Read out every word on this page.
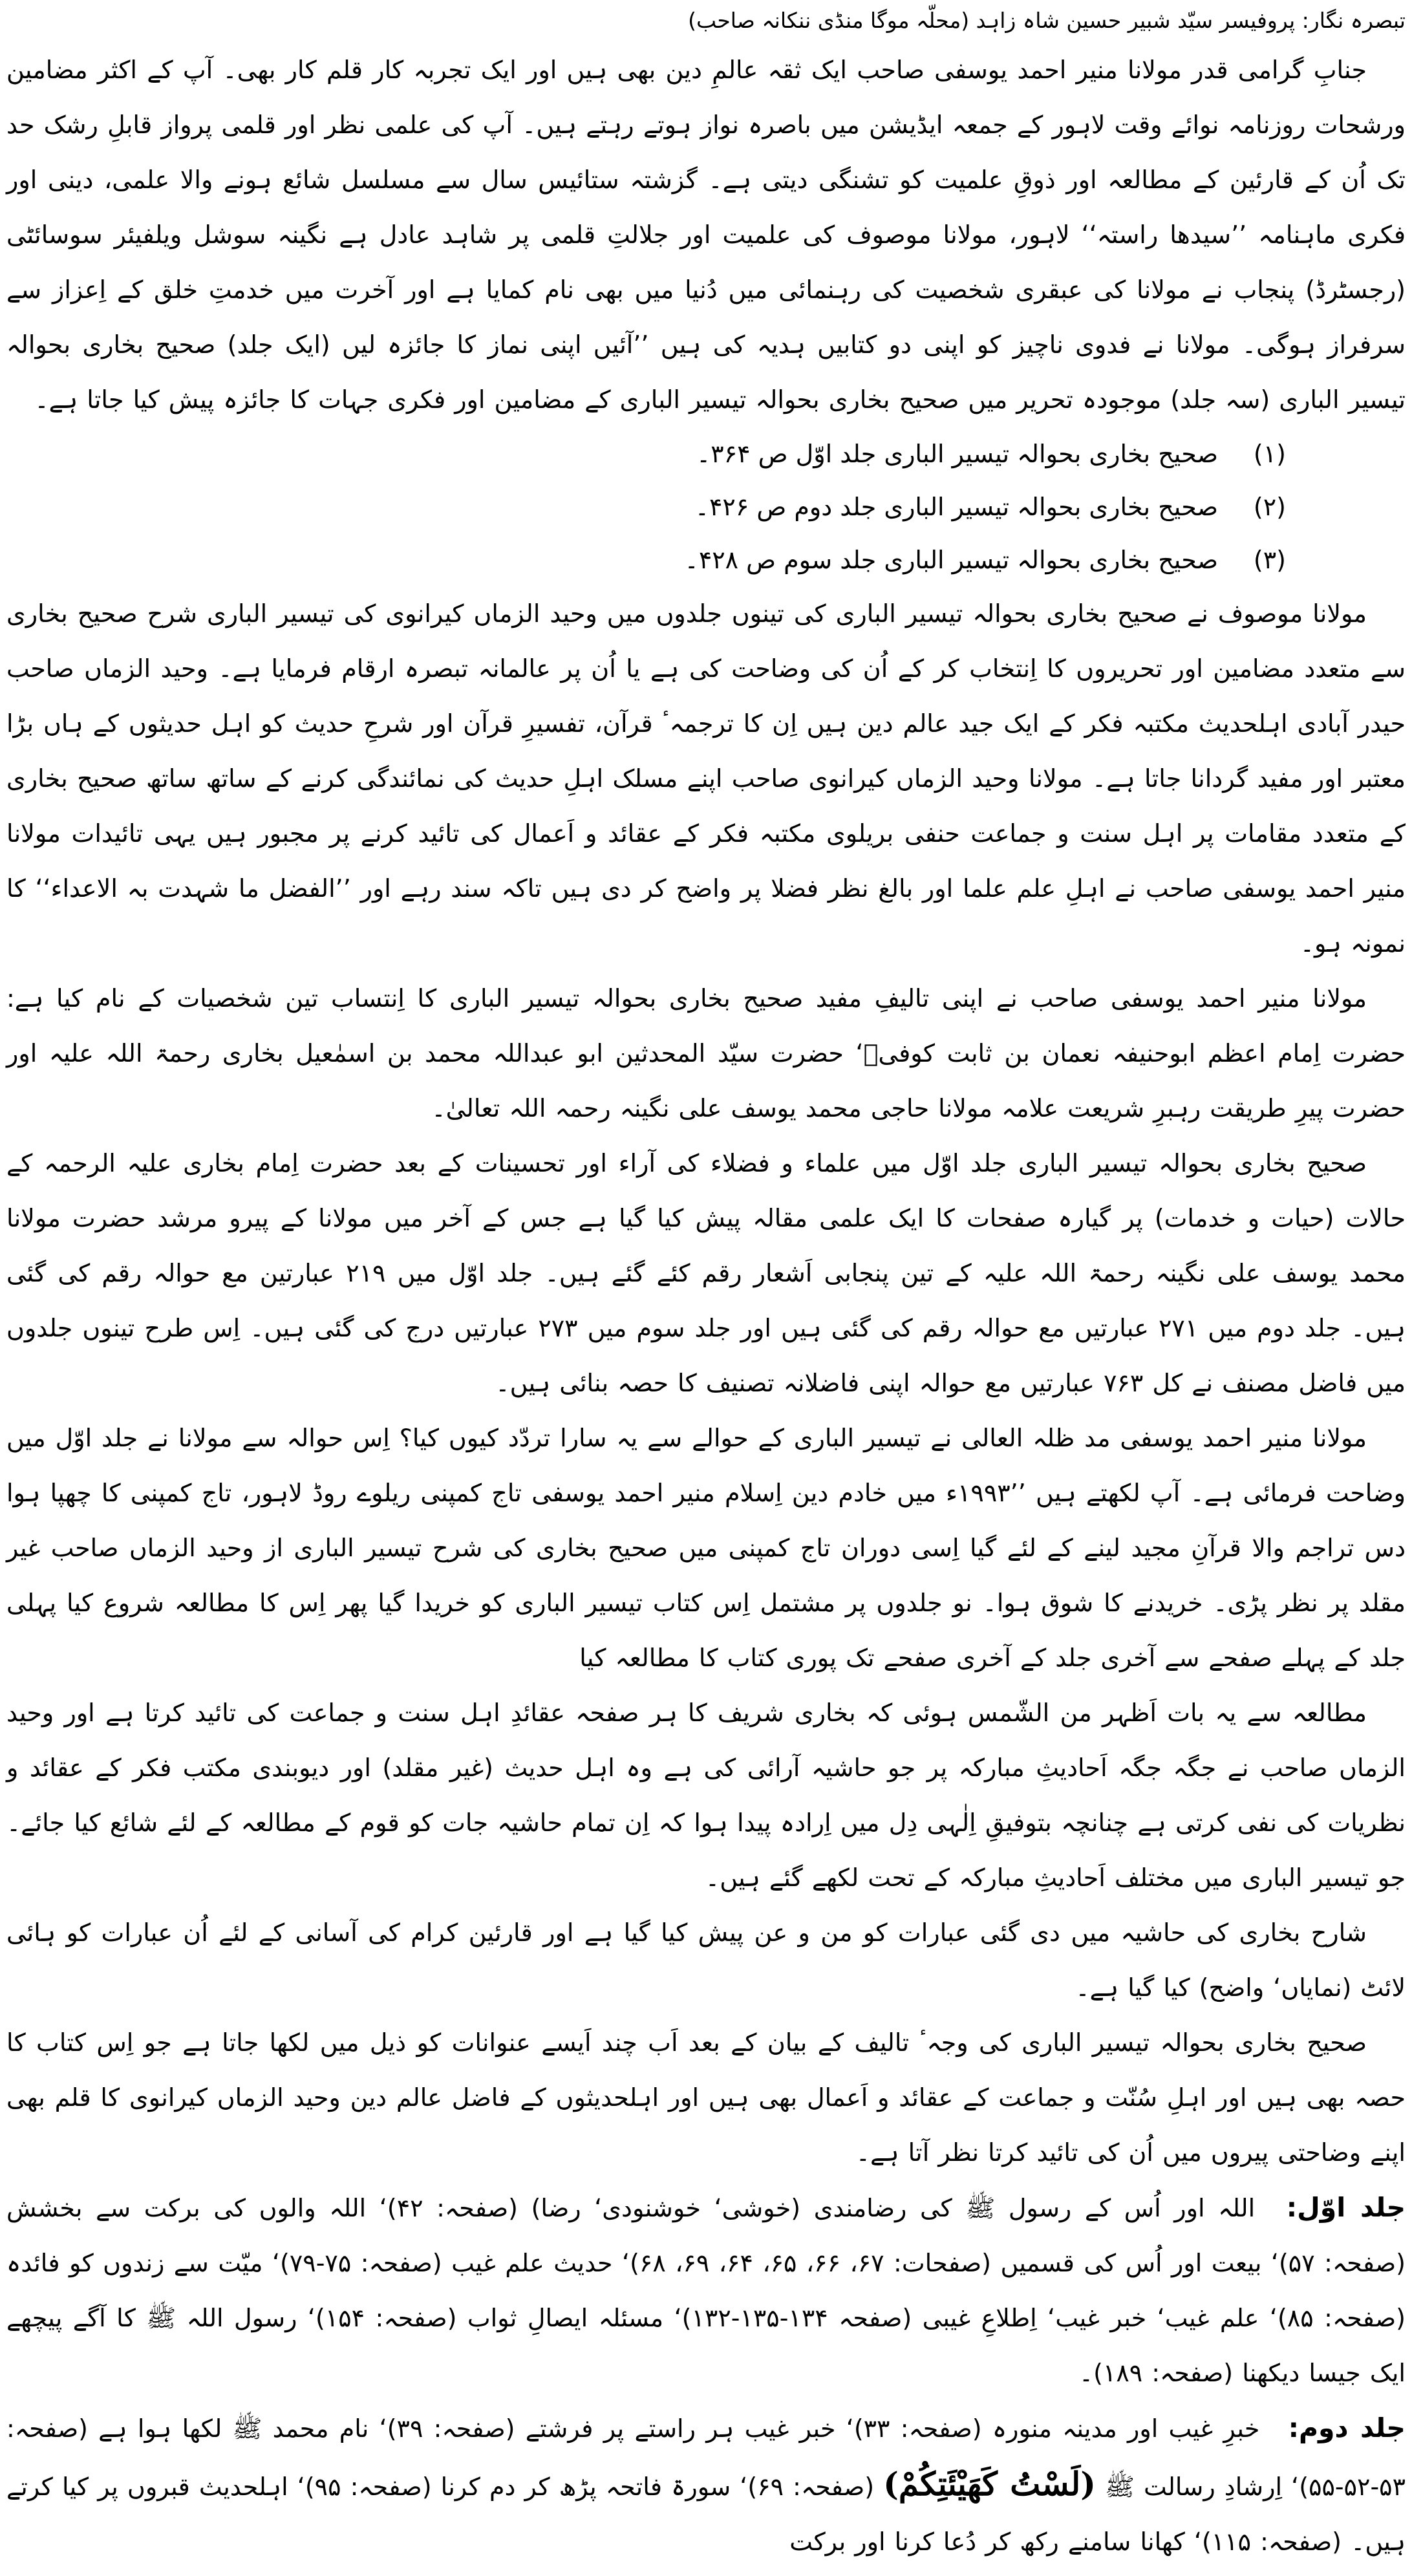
تبصرہ نگار: پروفیسر سیّد شبیر حسین شاہ زاہد (محلّہ موگا منڈی ننکانہ صاحب)

جنابِ گرامی قدر مولانا منیر احمد یوسفی صاحب ایک ثقہ عالمِ دین بھی ہیں اور ایک تجربہ کار قلم کار بھی۔ آپ کے اکثر مضامین ورشحات روزنامہ نوائے وقت لاہور کے جمعہ ایڈیشن میں باصرہ نواز ہوتے رہتے ہیں۔ آپ کی علمی نظر اور قلمی پرواز قابلِ رشک حد تک اُن کے قارئین کے مطالعہ اور ذوقِ علمیت کو تشنگی دیتی ہے۔ گزشتہ ستائیس سال سے مسلسل شائع ہونے والا علمی، دینی اور فکری ماہنامہ ’’سیدھا راستہ‘‘ لاہور، مولانا موصوف کی علمیت اور جلالتِ قلمی پر شاہد عادل ہے نگینہ سوشل ویلفیئر سوسائٹی (رجسٹرڈ) پنجاب نے مولانا کی عبقری شخصیت کی رہنمائی میں دُنیا میں بھی نام کمایا ہے اور آخرت میں خدمتِ خلق کے اِعزاز سے سرفراز ہوگی۔ مولانا نے فدوی ناچیز کو اپنی دو کتابیں ہدیہ کی ہیں ’’آئیں اپنی نماز کا جائزہ لیں (ایک جلد) صحیح بخاری بحوالہ تیسیر الباری (سہ جلد) موجودہ تحریر میں صحیح بخاری بحوالہ تیسیر الباری کے مضامین اور فکری جہات کا جائزہ پیش کیا جاتا ہے۔

(۱)صحیح بخاری بحوالہ تیسیر الباری جلد اوّل ص ۳۶۴۔
(۲)صحیح بخاری بحوالہ تیسیر الباری جلد دوم ص ۴۲۶۔
(۳)صحیح بخاری بحوالہ تیسیر الباری جلد سوم ص ۴۲۸۔

مولانا موصوف نے صحیح بخاری بحوالہ تیسیر الباری کی تینوں جلدوں میں وحید الزماں کیرانوی کی تیسیر الباری شرح صحیح بخاری سے متعدد مضامین اور تحریروں کا اِنتخاب کر کے اُن کی وضاحت کی ہے یا اُن پر عالمانہ تبصرہ ارقام فرمایا ہے۔ وحید الزماں صاحب حیدر آبادی اہلحدیث مکتبہ فکر کے ایک جید عالم دین ہیں اِن کا ترجمہٴ قرآن، تفسیرِ قرآن اور شرحِ حدیث کو اہل حدیثوں کے ہاں بڑا معتبر اور مفید گردانا جاتا ہے۔ مولانا وحید الزماں کیرانوی صاحب اپنے مسلک اہلِ حدیث کی نمائندگی کرنے کے ساتھ ساتھ صحیح بخاری کے متعدد مقامات پر اہل سنت و جماعت حنفی بریلوی مکتبہ فکر کے عقائد و اَعمال کی تائید کرنے پر مجبور ہیں یہی تائیدات مولانا منیر احمد یوسفی صاحب نے اہلِ علم علما اور بالغ نظر فضلا پر واضح کر دی ہیں تاکہ سند رہے اور ’’الفضل ما شہدت بہ الاعداء‘‘ کا نمونہ ہو۔

مولانا منیر احمد یوسفی صاحب نے اپنی تالیفِ مفید صحیح بخاری بحوالہ تیسیر الباری کا اِنتساب تین شخصیات کے نام کیا ہے: حضرت اِمام اعظم ابوحنیفہ نعمان بن ثابت کوفیؓ‘ حضرت سیّد المحدثین ابو عبداللہ محمد بن اسمٰعیل بخاری رحمۃ اللہ علیہ اور حضرت پیرِ طریقت رہبرِ شریعت علامہ مولانا حاجی محمد یوسف علی نگینہ رحمہ اللہ تعالیٰ۔

صحیح بخاری بحوالہ تیسیر الباری جلد اوّل میں علماء و فضلاء کی آراء اور تحسینات کے بعد حضرت اِمام بخاری علیہ الرحمہ کے حالات (حیات و خدمات) پر گیارہ صفحات کا ایک علمی مقالہ پیش کیا گیا ہے جس کے آخر میں مولانا کے پیرو مرشد حضرت مولانا محمد یوسف علی نگینہ رحمۃ اللہ علیہ کے تین پنجابی اَشعار رقم کئے گئے ہیں۔ جلد اوّل میں ۲۱۹ عبارتین مع حوالہ رقم کی گئی ہیں۔ جلد دوم میں ۲۷۱ عبارتیں مع حوالہ رقم کی گئی ہیں اور جلد سوم میں ۲۷۳ عبارتیں درج کی گئی ہیں۔ اِس طرح تینوں جلدوں میں فاضل مصنف نے کل ۷۶۳ عبارتیں مع حوالہ اپنی فاضلانہ تصنیف کا حصہ بنائی ہیں۔

مولانا منیر احمد یوسفی مد ظلہ العالی نے تیسیر الباری کے حوالے سے یہ سارا تردّد کیوں کیا؟ اِس حوالہ سے مولانا نے جلد اوّل میں وضاحت فرمائی ہے۔ آپ لکھتے ہیں ’’۱۹۹۳ء میں خادم دین اِسلام منیر احمد یوسفی تاج کمپنی ریلوے روڈ لاہور، تاج کمپنی کا چھپا ہوا دس تراجم والا قرآنِ مجید لینے کے لئے گیا اِسی دوران تاج کمپنی میں صحیح بخاری کی شرح تیسیر الباری از وحید الزماں صاحب غیر مقلد پر نظر پڑی۔ خریدنے کا شوق ہوا۔ نو جلدوں پر مشتمل اِس کتاب تیسیر الباری کو خریدا گیا پھر اِس کا مطالعہ شروع کیا پہلی جلد کے پہلے صفحے سے آخری جلد کے آخری صفحے تک پوری کتاب کا مطالعہ کیا

مطالعہ سے یہ بات اَظہر من الشّمس ہوئی کہ بخاری شریف کا ہر صفحہ عقائدِ اہل سنت و جماعت کی تائید کرتا ہے اور وحید الزماں صاحب نے جگہ جگہ اَحادیثِ مبارکہ پر جو حاشیہ آرائی کی ہے وہ اہل حدیث (غیر مقلد) اور دیوبندی مکتب فکر کے عقائد و نظریات کی نفی کرتی ہے چنانچہ بتوفیقِ اِلٰہی دِل میں اِرادہ پیدا ہوا کہ اِن تمام حاشیہ جات کو قوم کے مطالعہ کے لئے شائع کیا جائے۔ جو تیسیر الباری میں مختلف اَحادیثِ مبارکہ کے تحت لکھے گئے ہیں۔

شارح بخاری کی حاشیہ میں دی گئی عبارات کو من و عن پیش کیا گیا ہے اور قارئین کرام کی آسانی کے لئے اُن عبارات کو ہائی لائٹ (نمایاں‘ واضح) کیا گیا ہے۔

صحیح بخاری بحوالہ تیسیر الباری کی وجہٴ تالیف کے بیان کے بعد اَب چند اَیسے عنوانات کو ذیل میں لکھا جاتا ہے جو اِس کتاب کا حصہ بھی ہیں اور اہلِ سُنّت و جماعت کے عقائد و اَعمال بھی ہیں اور اہلحدیثوں کے فاضل عالم دین وحید الزماں کیرانوی کا قلم بھی اپنے وضاحتی پیروں میں اُن کی تائید کرتا نظر آتا ہے۔

جلد اوّل: اللہ اور اُس کے رسول ﷺ کی رضامندی (خوشی‘ خوشنودی‘ رضا) (صفحہ: ۴۲)‘ اللہ والوں کی برکت سے بخشش (صفحہ: ۵۷)‘ بیعت اور اُس کی قسمیں (صفحات: ۶۷، ۶۶، ۶۵، ۶۴، ۶۹، ۶۸)‘ حدیث علم غیب (صفحہ: ۷۵-۷۹)‘ میّت سے زندوں کو فائدہ (صفحہ: ۸۵)‘ علم غیب‘ خبر غیب‘ اِطلاعِ غیبی (صفحہ ۱۳۴-۱۳۵-۱۳۲)‘ مسئلہ ایصالِ ثواب (صفحہ: ۱۵۴)‘ رسول اللہ ﷺ کا آگے پیچھے ایک جیسا دیکھنا (صفحہ: ۱۸۹)۔

جلد دوم: خبرِ غیب اور مدینہ منورہ (صفحہ: ۳۳)‘ خبر غیب ہر راستے پر فرشتے (صفحہ: ۳۹)‘ نام محمد ﷺ لکھا ہوا ہے (صفحہ: ۵۳-۵۲-۵۵)‘ اِرشادِ رسالت ﷺ (لَسْتُ کَهَیْئَتِکُمْ) (صفحہ: ۶۹)‘ سورۃ فاتحہ پڑھ کر دم کرنا (صفحہ: ۹۵)‘ اہلحدیث قبروں پر کیا کرتے ہیں۔ (صفحہ: ۱۱۵)‘ کھانا سامنے رکھ کر دُعا کرنا اور برکت
